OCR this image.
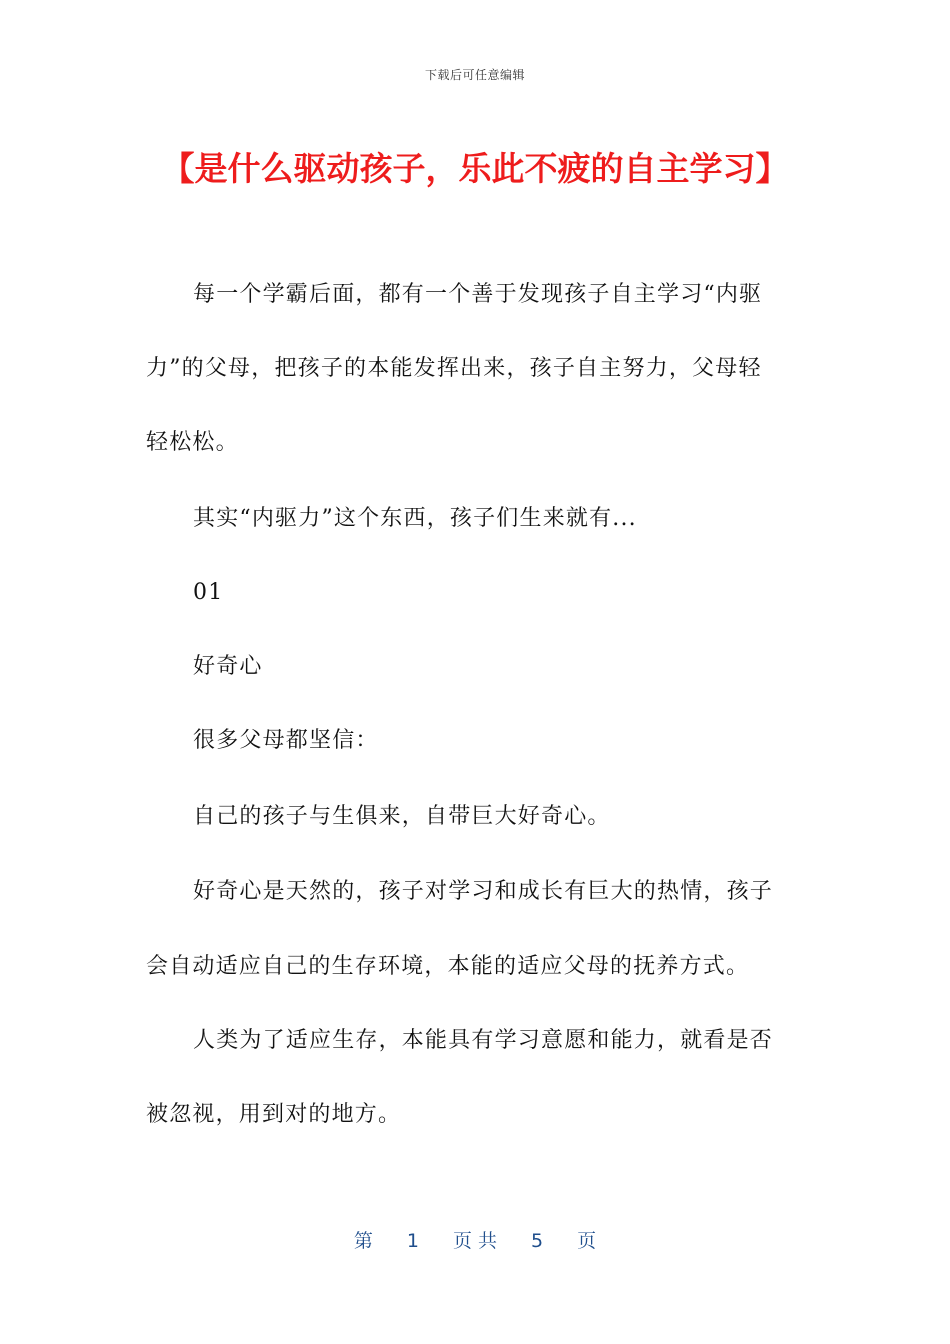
下载后可任意编辑
【是什么驱动孩子，乐此不疲的自主学习】
每一个学霸后面，都有一个善于发现孩子自主学习“内驱
力”的父母，把孩子的本能发挥出来，孩子自主努力，父母轻
轻松松。
其实“内驱力”这个东西，孩子们生来就有...
01
好奇心
很多父母都坚信：
自己的孩子与生俱来，自带巨大好奇心。
好奇心是天然的，孩子对学习和成长有巨大的热情，孩子
会自动适应自己的生存环境，本能的适应父母的抚养方式。
人类为了适应生存，本能具有学习意愿和能力，就看是否
被忽视，用到对的地方。
第 1 页 共 5 页
